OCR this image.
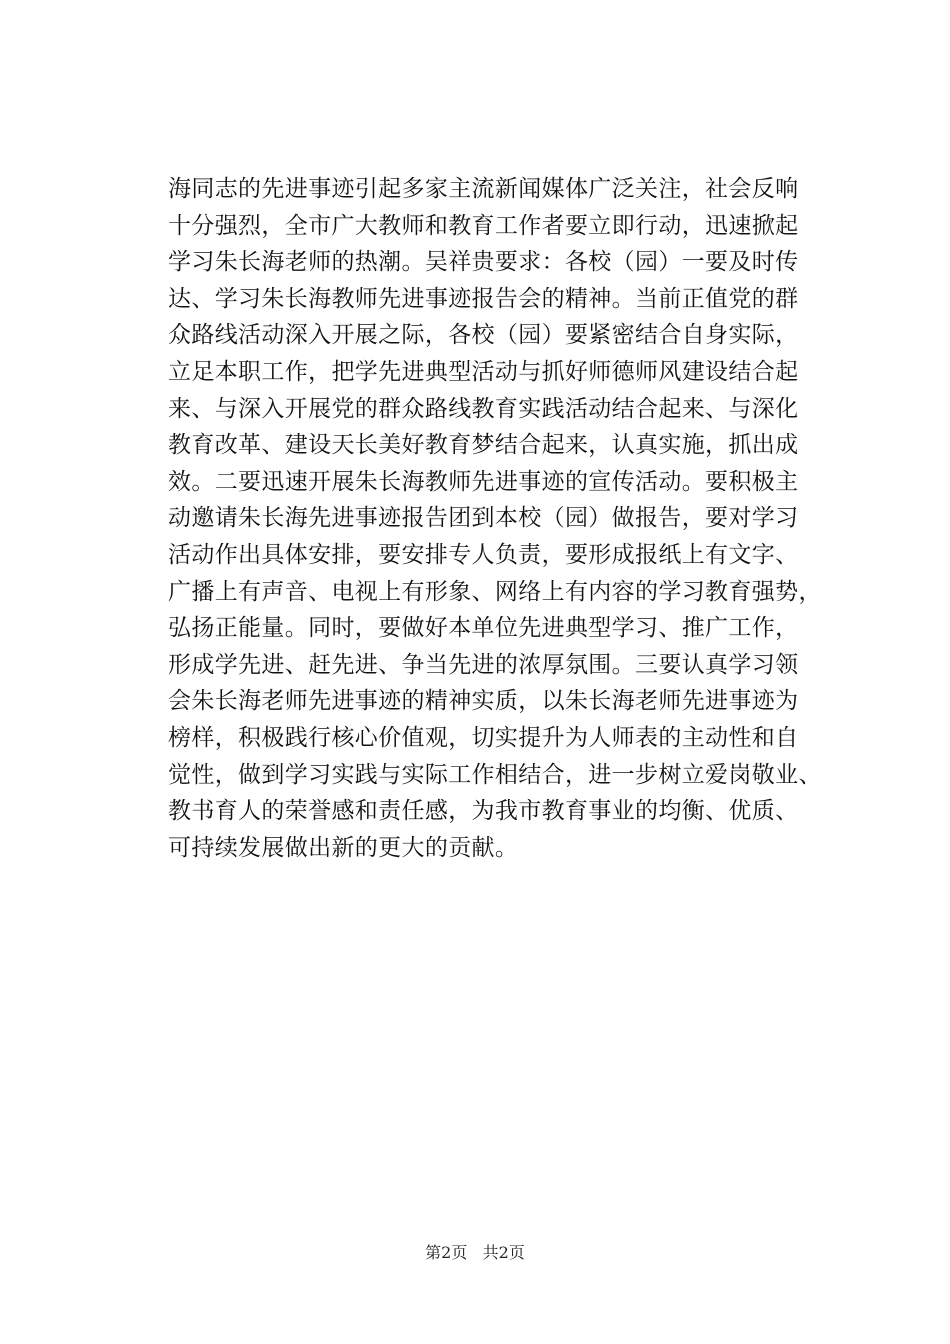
海同志的先进事迹引起多家主流新闻媒体广泛关注，社会反响
十分强烈，全市广大教师和教育工作者要立即行动，迅速掀起
学习朱长海老师的热潮。吴祥贵要求：各校（园）一要及时传
达、学习朱长海教师先进事迹报告会的精神。当前正值党的群
众路线活动深入开展之际，各校（园）要紧密结合自身实际，
立足本职工作，把学先进典型活动与抓好师德师风建设结合起
来、与深入开展党的群众路线教育实践活动结合起来、与深化
教育改革、建设天长美好教育梦结合起来，认真实施，抓出成
效。二要迅速开展朱长海教师先进事迹的宣传活动。要积极主
动邀请朱长海先进事迹报告团到本校（园）做报告，要对学习
活动作出具体安排，要安排专人负责，要形成报纸上有文字、
广播上有声音、电视上有形象、网络上有内容的学习教育强势，
弘扬正能量。同时，要做好本单位先进典型学习、推广工作，
形成学先进、赶先进、争当先进的浓厚氛围。三要认真学习领
会朱长海老师先进事迹的精神实质，以朱长海老师先进事迹为
榜样，积极践行核心价值观，切实提升为人师表的主动性和自
觉性，做到学习实践与实际工作相结合，进一步树立爱岗敬业、
教书育人的荣誉感和责任感，为我市教育事业的均衡、优质、
可持续发展做出新的更大的贡献。
第2页 共2页
